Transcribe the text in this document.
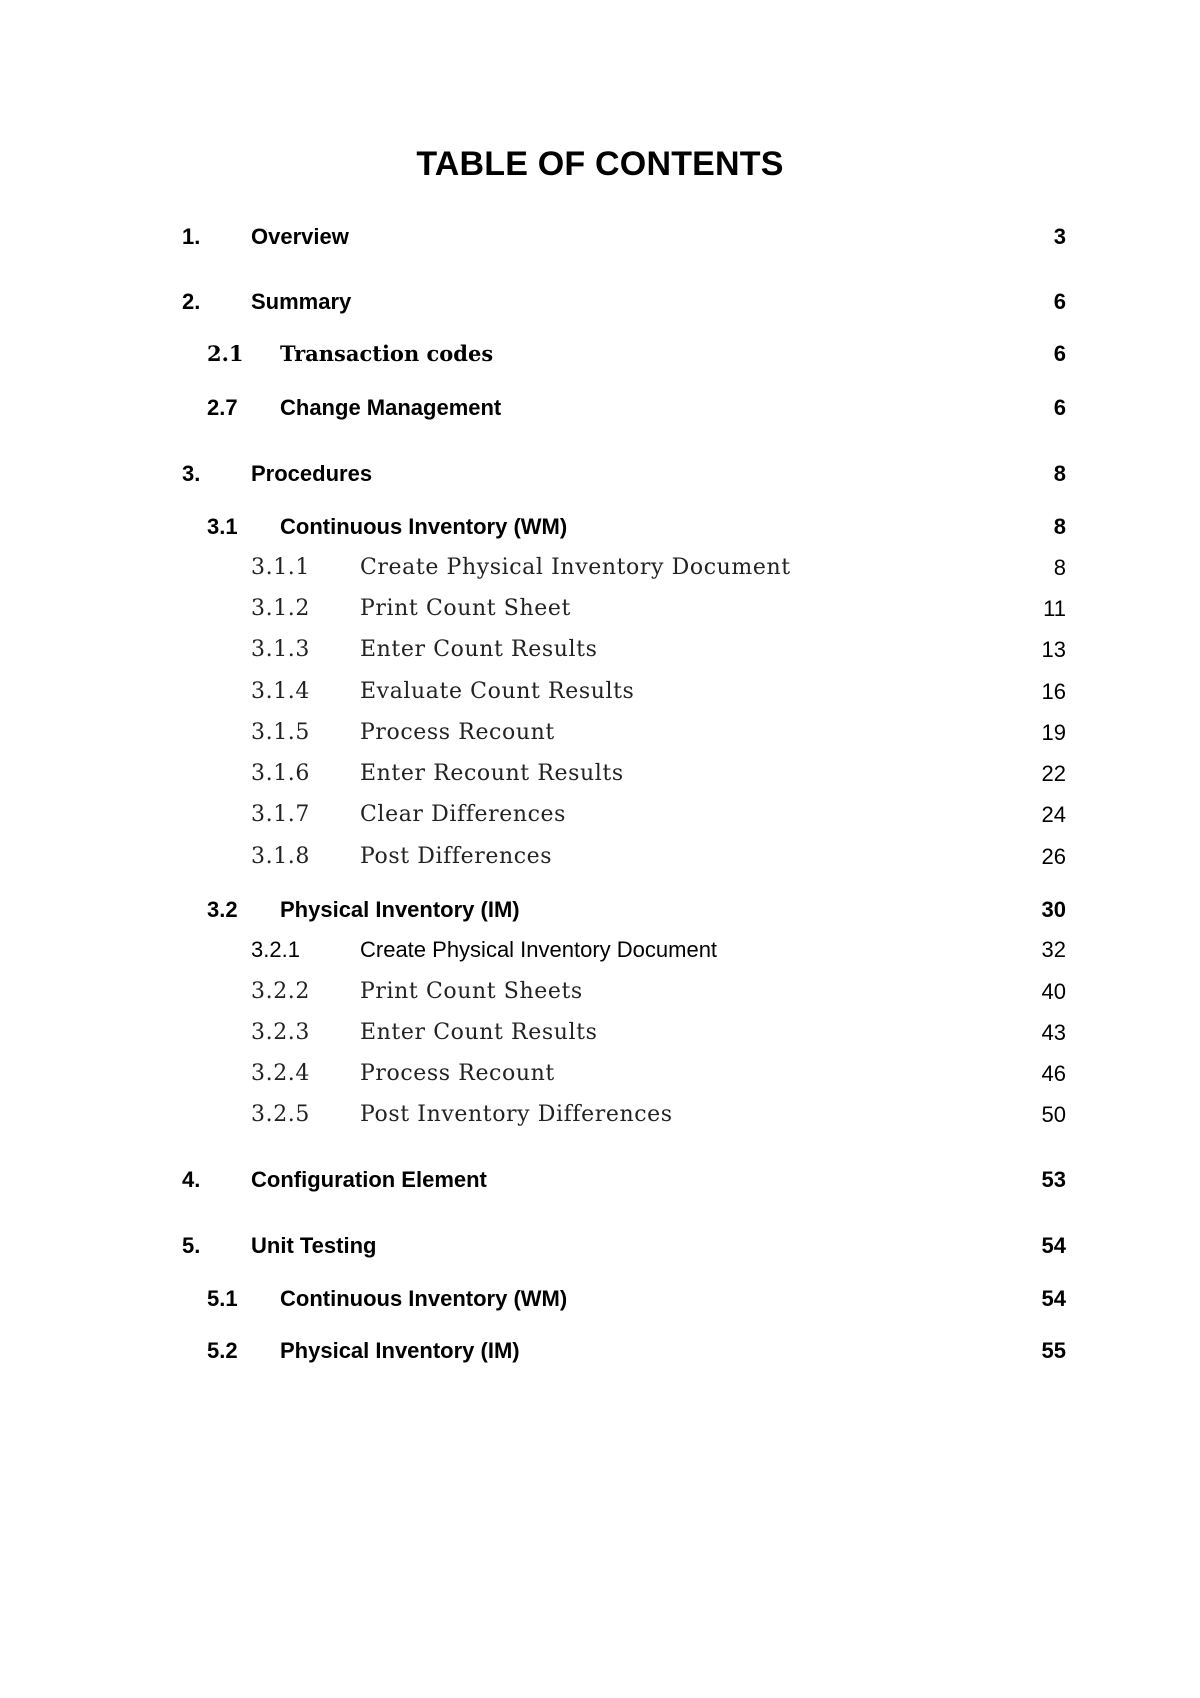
TABLE OF CONTENTS
1. Overview	3
2. Summary	6
2.1 Transaction codes	6
2.7 Change Management	6
3. Procedures	8
3.1 Continuous Inventory (WM)	8
3.1.1 Create Physical Inventory Document	8
3.1.2 Print Count Sheet	11
3.1.3 Enter Count Results	13
3.1.4 Evaluate Count Results	16
3.1.5 Process Recount	19
3.1.6 Enter Recount Results	22
3.1.7 Clear Differences	24
3.1.8 Post Differences	26
3.2 Physical Inventory (IM)	30
3.2.1	Create Physical Inventory Document	32
3.2.2 Print Count Sheets	40
3.2.3 Enter Count Results	43
3.2.4 Process Recount	46
3.2.5 Post Inventory Differences	50
4. Configuration Element	53
5. Unit Testing	54
5.1 Continuous Inventory (WM)	54
5.2 Physical Inventory (IM)	55
